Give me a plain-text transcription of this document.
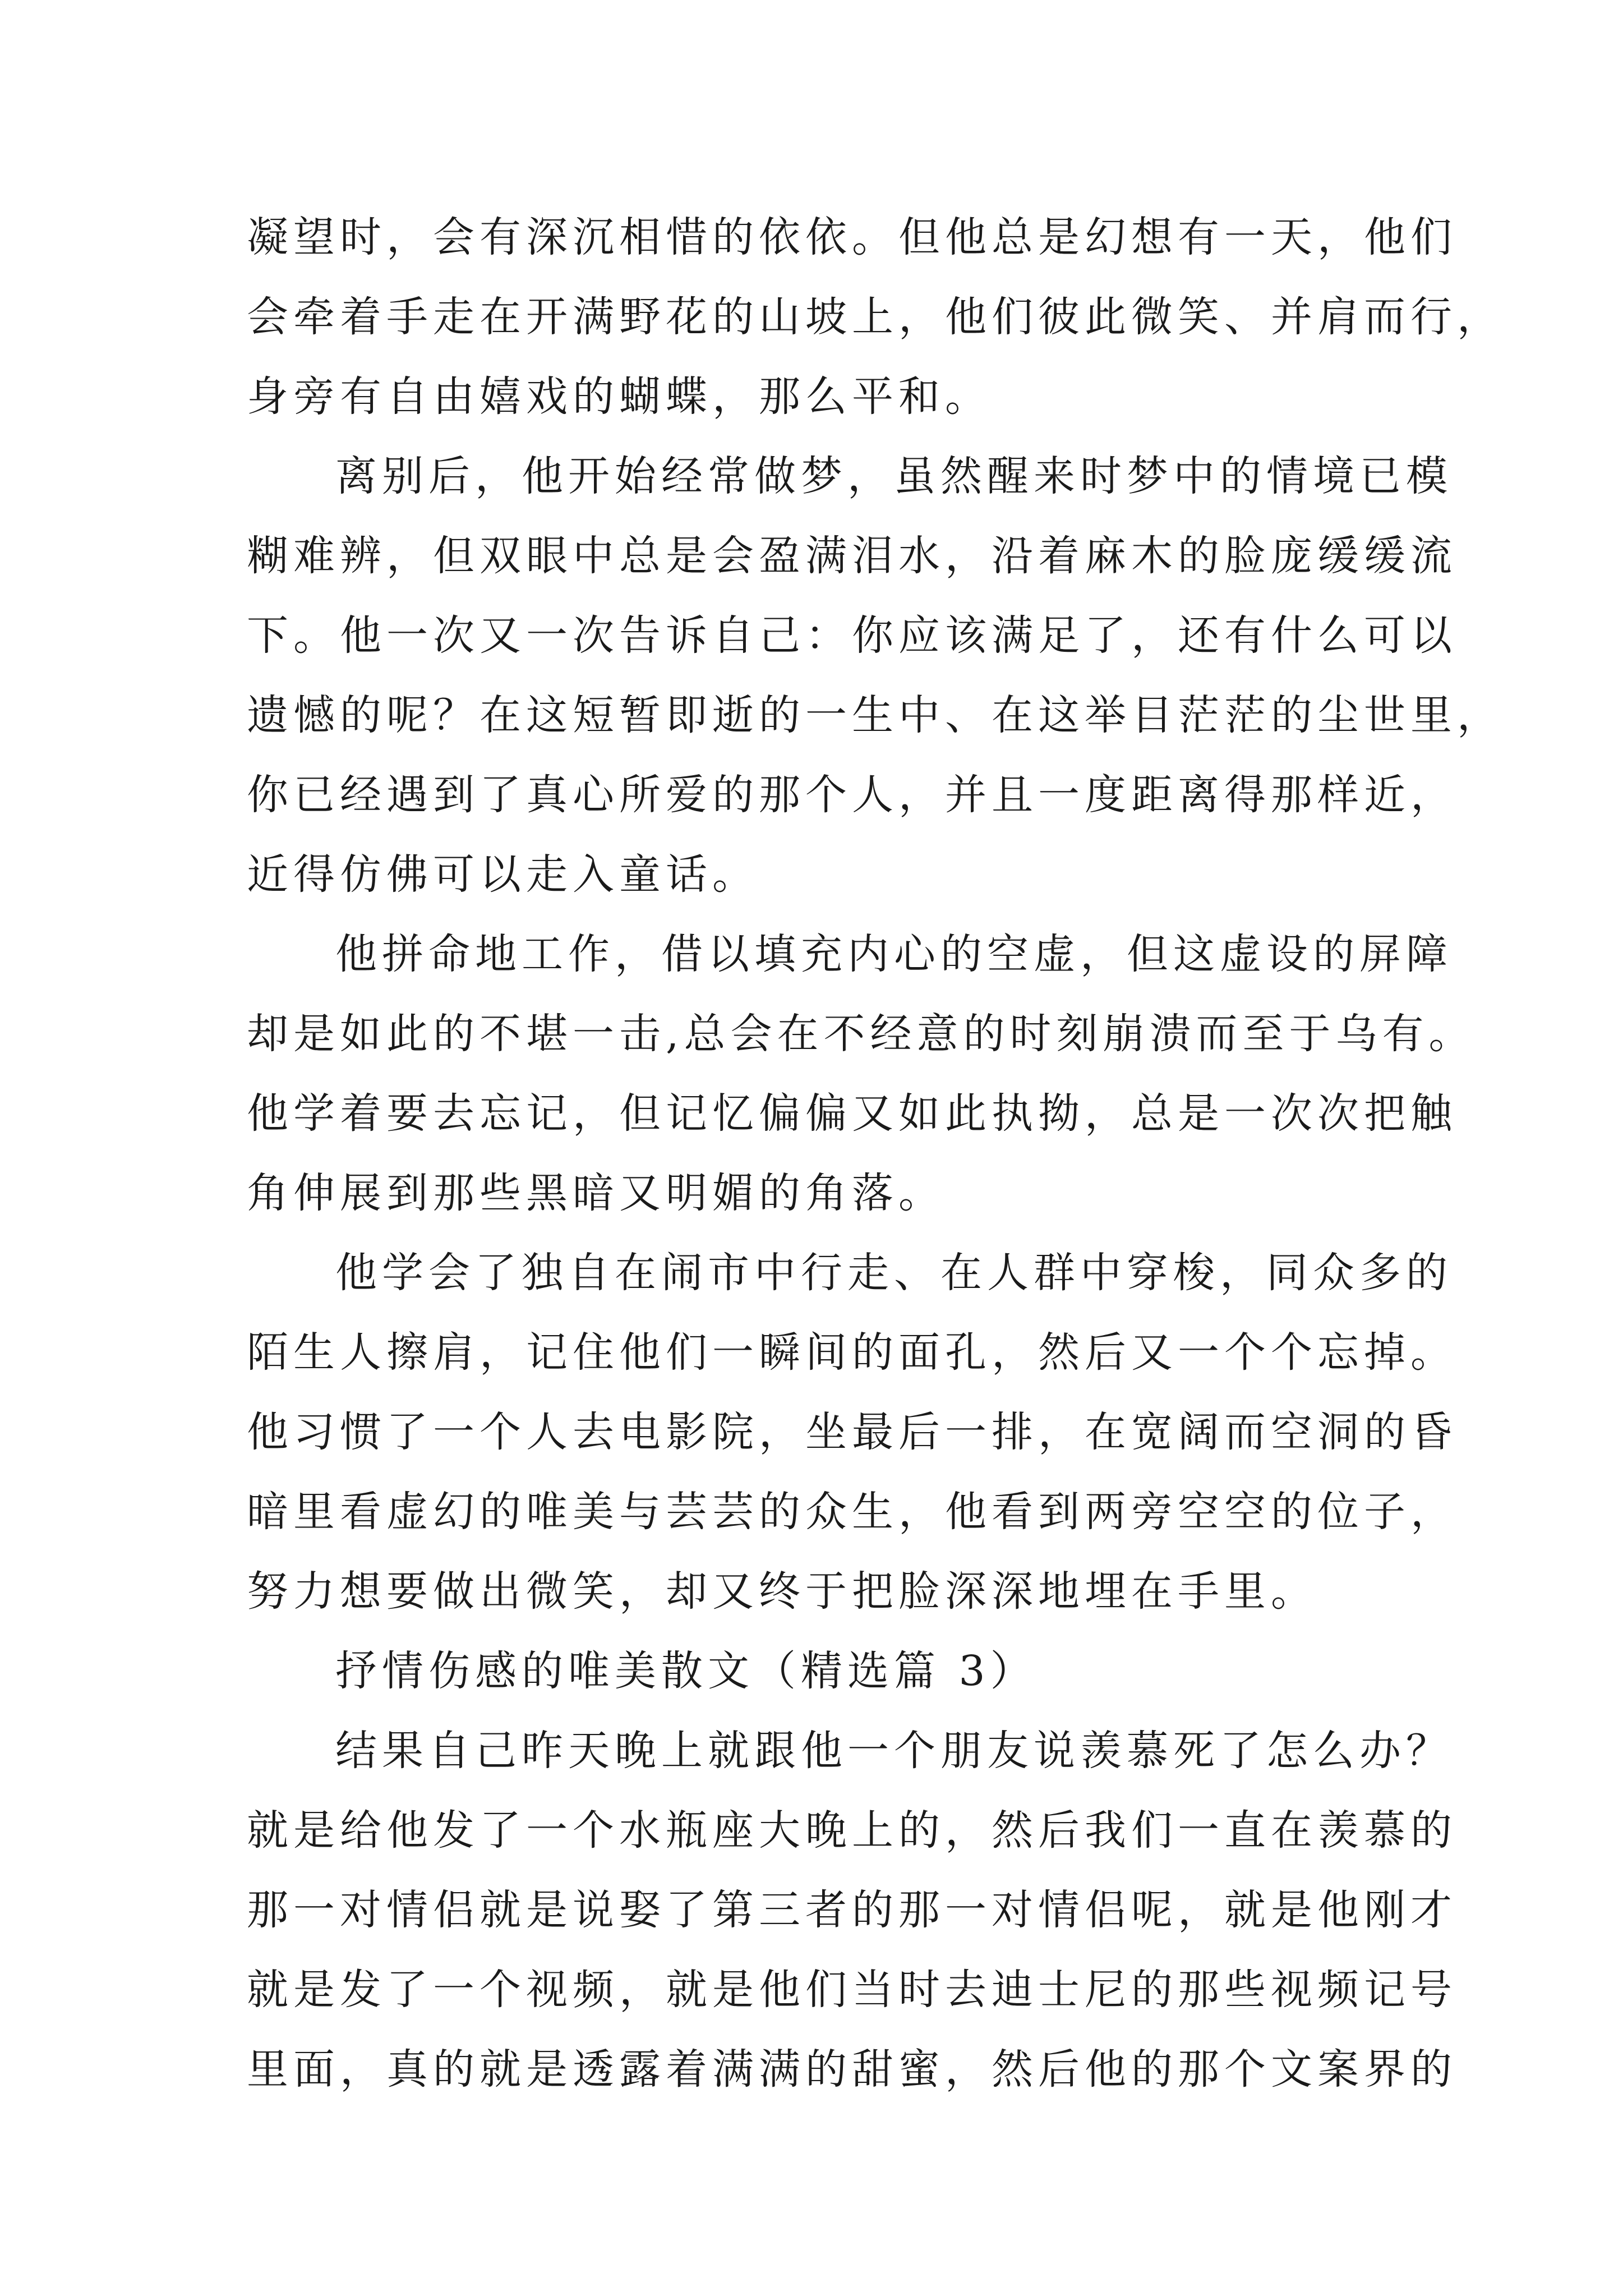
凝望时，会有深沉相惜的依依。但他总是幻想有一天，他们
会牵着手走在开满野花的山坡上，他们彼此微笑、并肩而行，
身旁有自由嬉戏的蝴蝶，那么平和。
离别后，他开始经常做梦，虽然醒来时梦中的情境已模
糊难辨，但双眼中总是会盈满泪水，沿着麻木的脸庞缓缓流
下。他一次又一次告诉自己：你应该满足了，还有什么可以
遗憾的呢？在这短暂即逝的一生中、在这举目茫茫的尘世里，
你已经遇到了真心所爱的那个人，并且一度距离得那样近，
近得仿佛可以走入童话。
他拼命地工作，借以填充内心的空虚，但这虚设的屏障
却是如此的不堪一击,总会在不经意的时刻崩溃而至于乌有。
他学着要去忘记，但记忆偏偏又如此执拗，总是一次次把触
角伸展到那些黑暗又明媚的角落。
他学会了独自在闹市中行走、在人群中穿梭，同众多的
陌生人擦肩，记住他们一瞬间的面孔，然后又一个个忘掉。
他习惯了一个人去电影院，坐最后一排，在宽阔而空洞的昏
暗里看虚幻的唯美与芸芸的众生，他看到两旁空空的位子，
努力想要做出微笑，却又终于把脸深深地埋在手里。
抒情伤感的唯美散文（精选篇 3）
结果自己昨天晚上就跟他一个朋友说羡慕死了怎么办？
就是给他发了一个水瓶座大晚上的，然后我们一直在羡慕的
那一对情侣就是说娶了第三者的那一对情侣呢，就是他刚才
就是发了一个视频，就是他们当时去迪士尼的那些视频记号
里面，真的就是透露着满满的甜蜜，然后他的那个文案界的
